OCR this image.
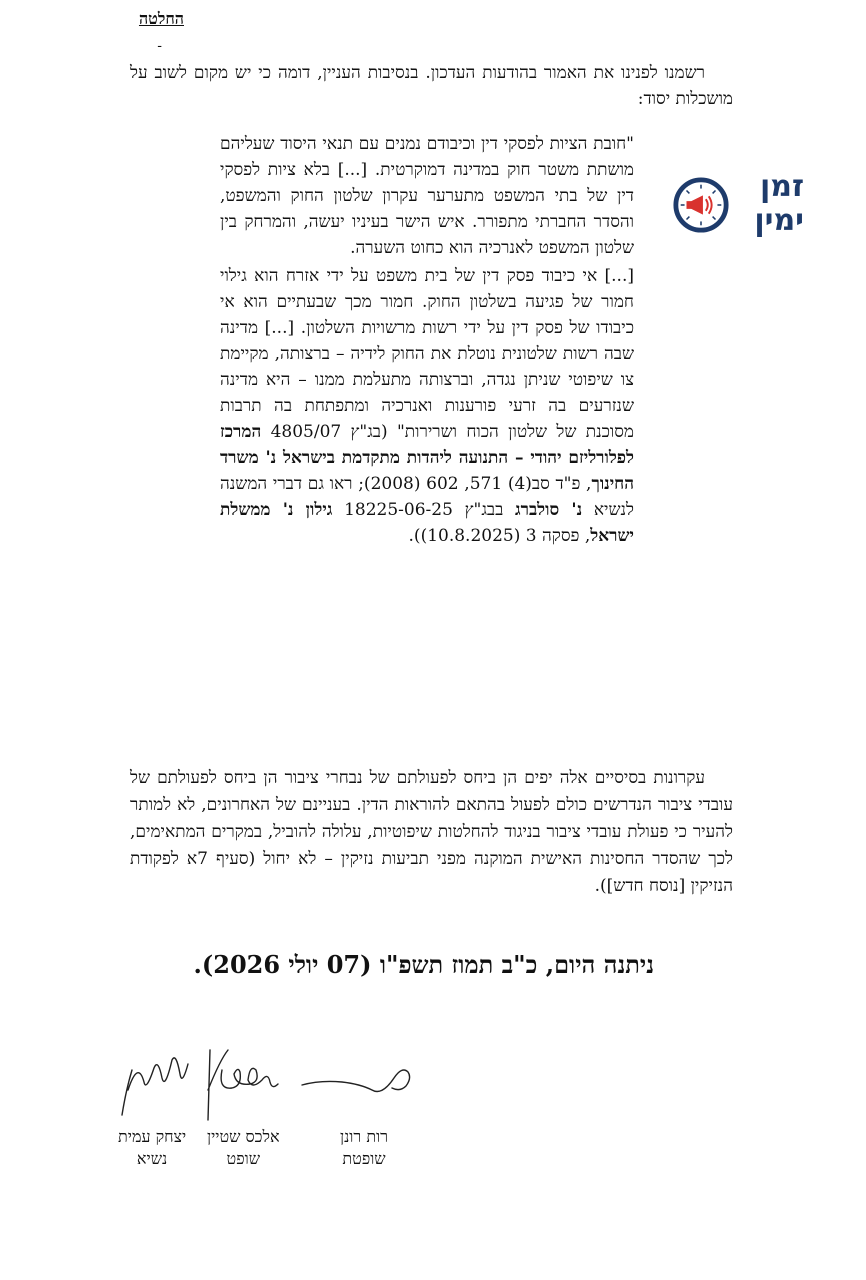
החלטה
-

רשמנו לפנינו את האמור בהודעות העדכון. בנסיבות העניין, דומה כי יש מקום לשוב על מושכלות יסוד:

"חובת הציות לפסקי דין וכיבודם נמנים עם תנאי היסוד שעליהם מושתת משטר חוק במדינה דמוקרטית. [...] בלא ציות לפסקי דין של בתי המשפט מתערער עקרון שלטון החוק והמשפט, והסדר החברתי מתפורר. איש הישר בעיניו יעשה, והמרחק בין שלטון המשפט לאנרכיה הוא כחוט השערה.
[...] אי כיבוד פסק דין של בית משפט על ידי אזרח הוא גילוי חמור של פגיעה בשלטון החוק. חמור מכך שבעתיים הוא אי כיבודו של פסק דין על ידי רשות מרשויות השלטון. [...] מדינה שבה רשות שלטונית נוטלת את החוק לידיה – ברצותה, מקיימת צו שיפוטי שניתן נגדה, וברצותה מתעלמת ממנו – היא מדינה שנזרעים בה זרעי פורענות ואנרכיה ומתפתחת בה תרבות מסוכנת של שלטון הכוח ושרירות" (בג"ץ 4805/07 המרכז לפלורליזם יהודי – התנועה ליהדות מתקדמת בישראל נ' משרד החינוך, פ"ד סב(4) 571, 602 (2008); ראו גם דברי המשנה לנשיא נ' סולברג בבג"ץ 18225-06-25 גילון נ' ממשלת ישראל, פסקה 3 (10.8.2025)).
זמן
ימין

עקרונות בסיסיים אלה יפים הן ביחס לפעולתם של נבחרי ציבור הן ביחס לפעולתם של עובדי ציבור הנדרשים כולם לפעול בהתאם להוראות הדין. בעניינם של האחרונים, לא למותר להעיר כי פעולת עובדי ציבור בניגוד להחלטות שיפוטיות, עלולה להוביל, במקרים המתאימים, לכך שהסדר החסינות האישית המוקנה מפני תביעות נזיקין – לא יחול (סעיף 7א לפקודת הנזיקין [נוסח חדש]).

ניתנה היום, כ"ב תמוז תשפ"ו (07 יולי 2026).
יצחק עמית
נשיא
אלכס שטיין
שופט
רות רונן
שופטת
